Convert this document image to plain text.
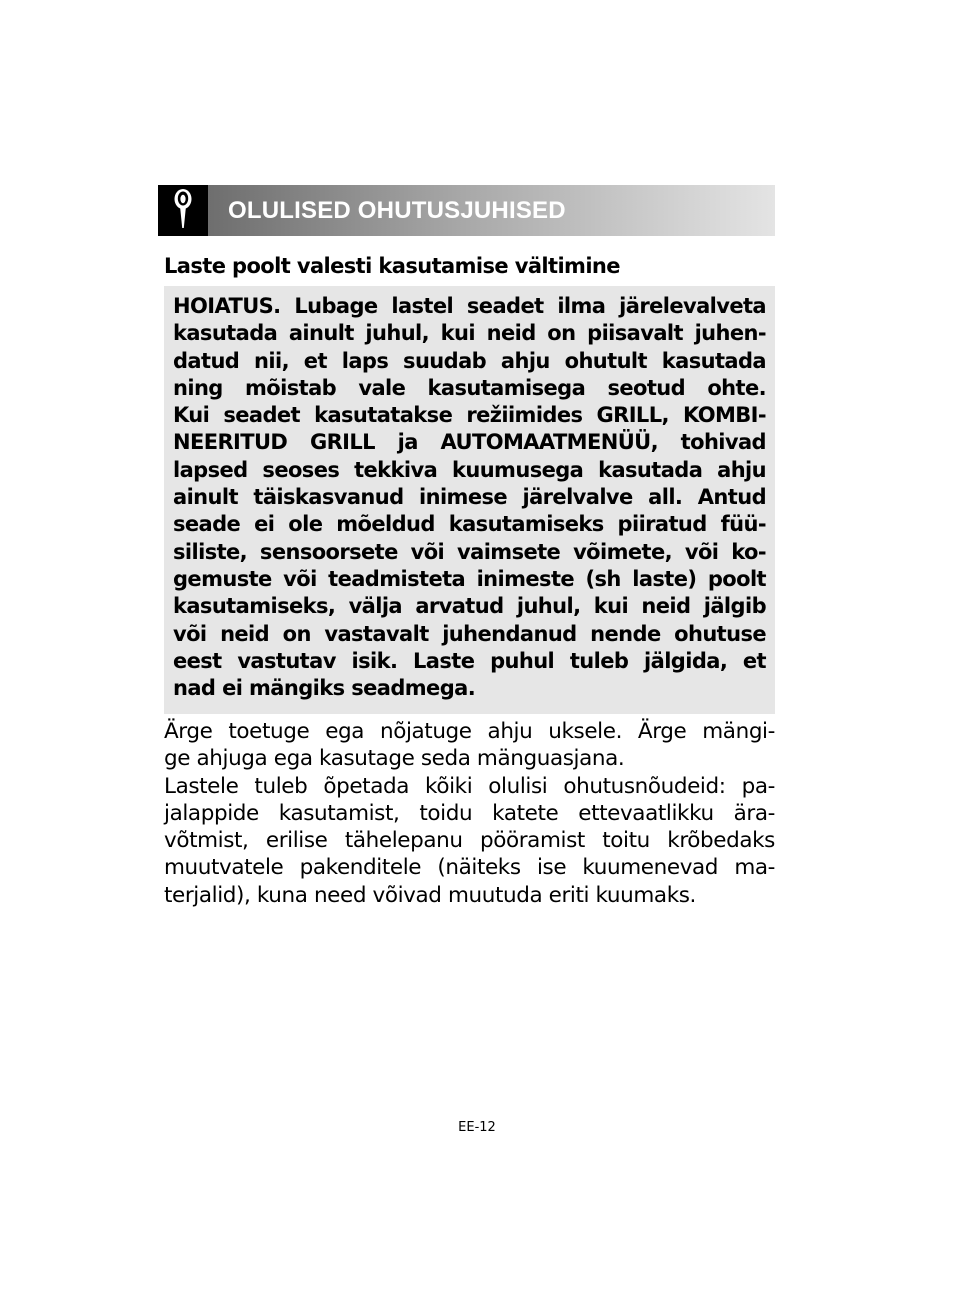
OLULISED OHUTUSJUHISED
Laste poolt valesti kasutamise vältimine
HOIATUS. Lubage lastel seadet ilma järelevalveta
kasutada ainult juhul, kui neid on piisavalt juhen-
datud nii, et laps suudab ahju ohutult kasutada
ning mõistab vale kasutamisega seotud ohte.
Kui seadet kasutatakse režiimides GRILL, KOMBI-
NEERITUD GRILL ja AUTOMAATMENÜÜ, tohivad
lapsed seoses tekkiva kuumusega kasutada ahju
ainult täiskasvanud inimese järelvalve all. Antud
seade ei ole mõeldud kasutamiseks piiratud füü-
siliste, sensoorsete või vaimsete võimete, või ko-
gemuste või teadmisteta inimeste (sh laste) poolt
kasutamiseks, välja arvatud juhul, kui neid jälgib
või neid on vastavalt juhendanud nende ohutuse
eest vastutav isik. Laste puhul tuleb jälgida, et
nad ei mängiks seadmega.
Ärge toetuge ega nõjatuge ahju uksele. Ärge mängi-
ge ahjuga ega kasutage seda mänguasjana.
Lastele tuleb õpetada kõiki olulisi ohutusnõudeid: pa-
jalappide kasutamist, toidu katete ettevaatlikku ära-
võtmist, erilise tähelepanu pööramist toitu krõbedaks
muutvatele pakenditele (näiteks ise kuumenevad ma-
terjalid), kuna need võivad muutuda eriti kuumaks.
EE-12
